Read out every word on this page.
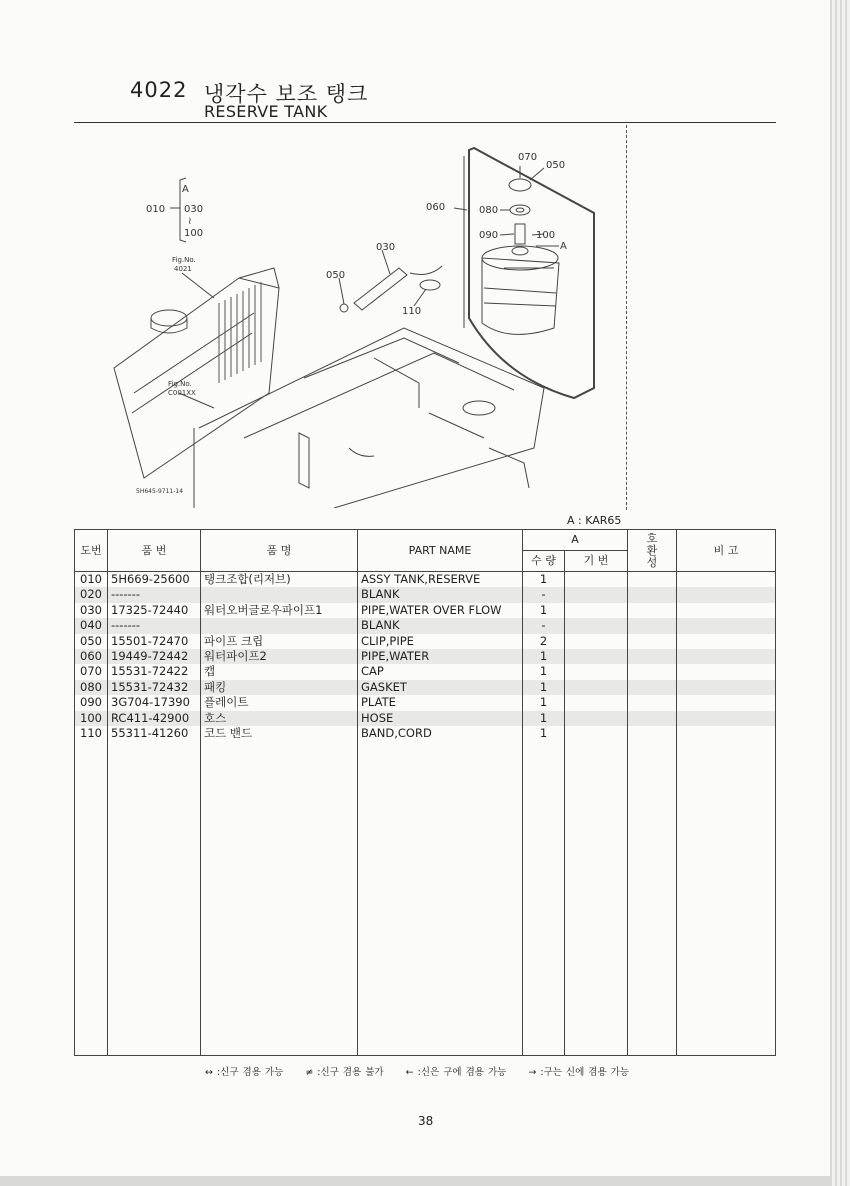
4022 냉각수 보조 탱크
RESERVE TANK
A
010 030
≀
100
Fig.No.
4021
Fig.No.
C001XX
070
050
060	080
090	100
A
030
050
110
5H645-9711-14
A : KAR65
도번	품 번	품 명	PART NAME	A		호환성	비 고
				수 량	기 번		
010	5H669-25600	탱크조합(리저브)	ASSY TANK,RESERVE	1			
020	-------		BLANK	-			
030	17325-72440	워터오버글로우파이프1	PIPE,WATER OVER FLOW	1			
040	-------		BLANK	-			
050	15501-72470	파이프 크립	CLIP,PIPE	2			
060	19449-72442	워터파이프2	PIPE,WATER	1			
070	15531-72422	캡	CAP	1			
080	15531-72432	패킹	GASKET	1			
090	3G704-17390	플레이트	PLATE	1			
100	RC411-42900	호스	HOSE	1			
110	55311-41260	코드 밴드	BAND,CORD	1			

↔ :신구 겸용 가능 ≠ :신구 겸용 불가 ← :신은 구에 겸용 가능 → :구는 신에 겸용 가능
38
